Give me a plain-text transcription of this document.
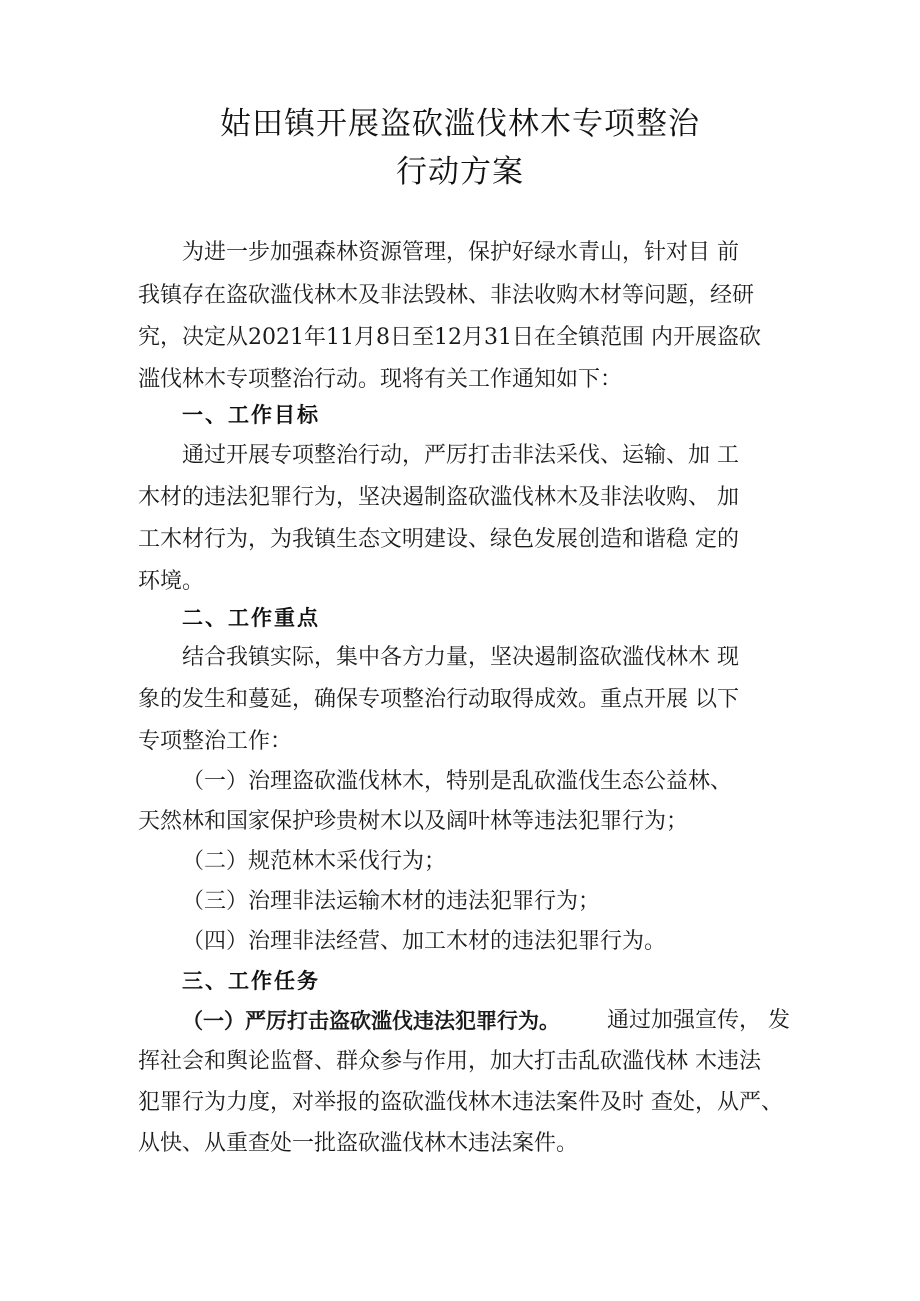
姑田镇开展盗砍滥伐林木专项整治
行动方案
为进一步加强森林资源管理，保护好绿水青山，针对目 前
我镇存在盗砍滥伐林木及非法毁林、非法收购木材等问题，经研
究，决定从2021年11月8日至12月31日在全镇范围 内开展盗砍
滥伐林木专项整治行动。现将有关工作通知如下：
一、工作目标
通过开展专项整治行动，严厉打击非法采伐、运输、加 工
木材的违法犯罪行为，坚决遏制盗砍滥伐林木及非法收购、 加
工木材行为，为我镇生态文明建设、绿色发展创造和谐稳 定的
环境。
二、工作重点
结合我镇实际，集中各方力量，坚决遏制盗砍滥伐林木 现
象的发生和蔓延，确保专项整治行动取得成效。重点开展 以下
专项整治工作：
（一）治理盗砍滥伐林木，特别是乱砍滥伐生态公益林、
天然林和国家保护珍贵树木以及阔叶林等违法犯罪行为；
（二）规范林木采伐行为；
（三）治理非法运输木材的违法犯罪行为；
（四）治理非法经营、加工木材的违法犯罪行为。
三、工作任务
（一）严厉打击盗砍滥伐违法犯罪行为。 通过加强宣传， 发
挥社会和舆论监督、群众参与作用，加大打击乱砍滥伐林 木违法
犯罪行为力度，对举报的盗砍滥伐林木违法案件及时 查处，从严、
从快、从重查处一批盗砍滥伐林木违法案件。
